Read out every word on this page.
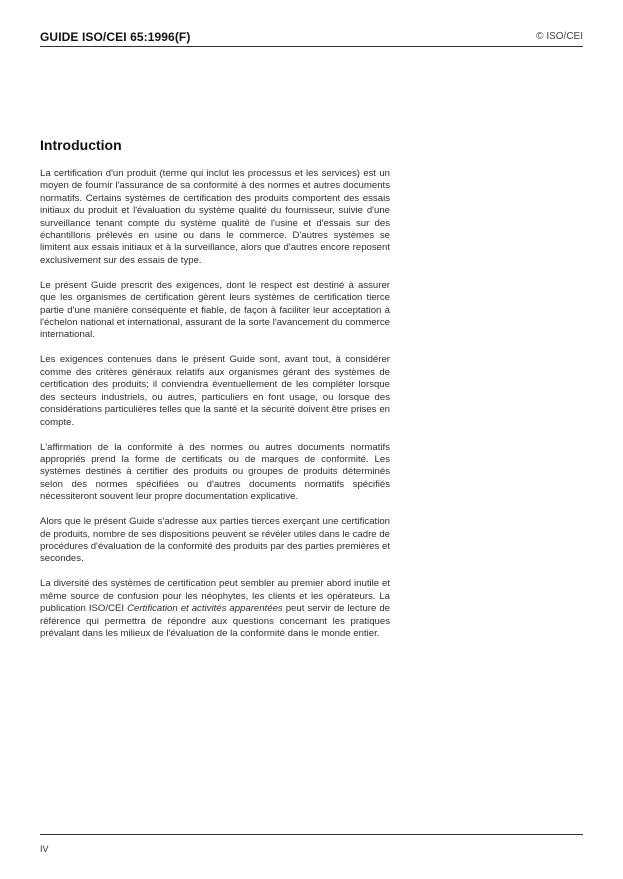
GUIDE ISO/CEI 65:1996(F)	© ISO/CEI
Introduction

La certification d'un produit (terme qui inclut les processus et les services) est un moyen de fournir l'assurance de sa conformité à des normes et autres documents normatifs. Certains systèmes de certification des produits comportent des essais initiaux du produit et l'évaluation du système qualité du fournisseur, suivie d'une surveillance tenant compte du système qualité de l'usine et d'essais sur des échantillons prélevés en usine ou dans le commerce. D'autres systèmes se limitent aux essais initiaux et à la surveillance, alors que d'autres encore reposent exclusivement sur des essais de type.

Le présent Guide prescrit des exigences, dont le respect est destiné à assurer que les organismes de certification gèrent leurs systèmes de certification tierce partie d'une manière conséquente et fiable, de façon à faciliter leur acceptation à l'échelon national et international, assurant de la sorte l'avancement du commerce international.

Les exigences contenues dans le présent Guide sont, avant tout, à considérer comme des critères généraux relatifs aux organismes gérant des systèmes de certification des produits; il conviendra éventuellement de les compléter lorsque des secteurs industriels, ou autres, particuliers en font usage, ou lorsque des considérations particulières telles que la santé et la sécurité doivent être prises en compte.

L'affirmation de la conformité à des normes ou autres documents normatifs appropriés prend la forme de certificats ou de marques de conformité. Les systèmes destinés à certifier des produits ou groupes de produits déterminés selon des normes spécifiées ou d'autres documents normatifs spécifiés nécessiteront souvent leur propre documentation explicative.

Alors que le présent Guide s'adresse aux parties tierces exerçant une certification de produits, nombre de ses dispositions peuvent se révéler utiles dans le cadre de procédures d'évaluation de la conformité des produits par des parties premières et secondes.

La diversité des systèmes de certification peut sembler au premier abord inutile et même source de confusion pour les néophytes, les clients et les opérateurs. La publication ISO/CEI Certification et activités apparentées peut servir de lecture de référence qui permettra de répondre aux questions concernant les pratiques prévalant dans les milieux de l'évaluation de la conformité dans le monde entier.

IV
